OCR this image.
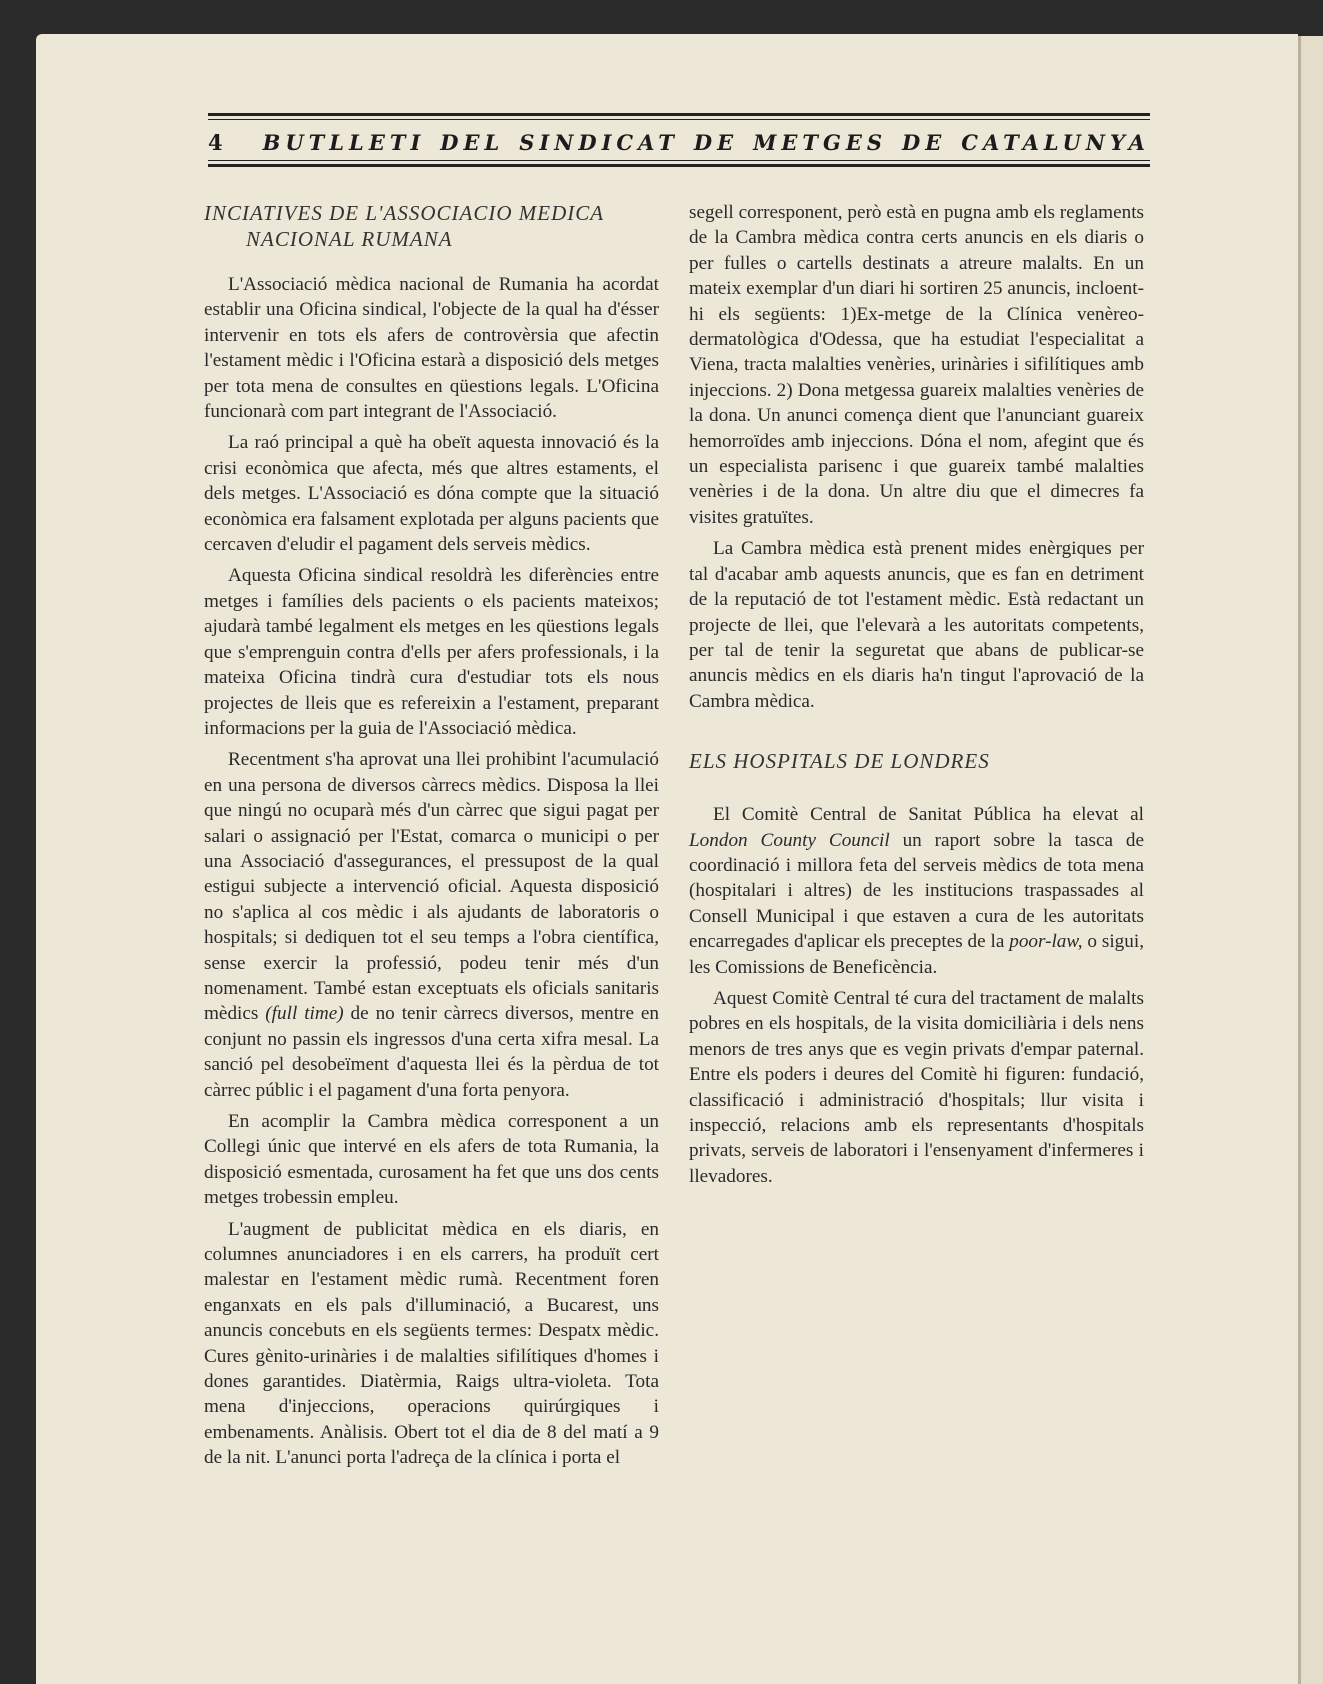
4 BUTLLETI DEL SINDICAT DE METGES DE CATALUNYA
INCIATIVES DE L'ASSOCIACIO MEDICA
NACIONAL RUMANA

L'Associació mèdica nacional de Rumania ha acordat establir una Oficina sindical, l'objecte de la qual ha d'ésser intervenir en tots els afers de controvèrsia que afectin l'estament mèdic i l'Oficina estarà a disposició dels metges per tota mena de consultes en qüestions legals. L'Oficina funcionarà com part integrant de l'Associació.

La raó principal a què ha obeït aquesta innovació és la crisi econòmica que afecta, més que altres estaments, el dels metges. L'Associació es dóna compte que la situació econòmica era falsament explotada per alguns pacients que cercaven d'eludir el pagament dels serveis mèdics.

Aquesta Oficina sindical resoldrà les diferències entre metges i famílies dels pacients o els pacients mateixos; ajudarà també legalment els metges en les qüestions legals que s'emprenguin contra d'ells per afers professionals, i la mateixa Oficina tindrà cura d'estudiar tots els nous projectes de lleis que es refereixin a l'estament, preparant informacions per la guia de l'Associació mèdica.

Recentment s'ha aprovat una llei prohibint l'acumulació en una persona de diversos càrrecs mèdics. Disposa la llei que ningú no ocuparà més d'un càrrec que sigui pagat per salari o assignació per l'Estat, comarca o municipi o per una Associació d'assegurances, el pressupost de la qual estigui subjecte a intervenció oficial. Aquesta disposició no s'aplica al cos mèdic i als ajudants de laboratoris o hospitals; si dediquen tot el seu temps a l'obra científica, sense exercir la professió, podeu tenir més d'un nomenament. També estan exceptuats els oficials sanitaris mèdics (full time) de no tenir càrrecs diversos, mentre en conjunt no passin els ingressos d'una certa xifra mesal. La sanció pel desobeïment d'aquesta llei és la pèrdua de tot càrrec públic i el pagament d'una forta penyora.

En acomplir la Cambra mèdica corresponent a un Collegi únic que intervé en els afers de tota Rumania, la disposició esmentada, curosament ha fet que uns dos cents metges trobessin empleu.

L'augment de publicitat mèdica en els diaris, en columnes anunciadores i en els carrers, ha produït cert malestar en l'estament mèdic rumà. Recentment foren enganxats en els pals d'illuminació, a Bucarest, uns anuncis concebuts en els següents termes: Despatx mèdic. Cures gènito-urinàries i de malalties sifilítiques d'homes i dones garantides. Diatèrmia, Raigs ultra-violeta. Tota mena d'injeccions, operacions quirúrgiques i embenaments. Anàlisis. Obert tot el dia de 8 del matí a 9 de la nit. L'anunci porta l'adreça de la clínica i porta el

segell corresponent, però està en pugna amb els reglaments de la Cambra mèdica contra certs anuncis en els diaris o per fulles o cartells destinats a atreure malalts. En un mateix exemplar d'un diari hi sortiren 25 anuncis, incloent-hi els següents: 1)Ex-metge de la Clínica venèreo-dermatològica d'Odessa, que ha estudiat l'especialitat a Viena, tracta malalties venèries, urinàries i sifilítiques amb injeccions. 2) Dona metgessa guareix malalties venèries de la dona. Un anunci comença dient que l'anunciant guareix hemorroïdes amb injeccions. Dóna el nom, afegint que és un especialista parisenc i que guareix també malalties venèries i de la dona. Un altre diu que el dimecres fa visites gratuïtes.

La Cambra mèdica està prenent mides enèrgiques per tal d'acabar amb aquests anuncis, que es fan en detriment de la reputació de tot l'estament mèdic. Està redactant un projecte de llei, que l'elevarà a les autoritats competents, per tal de tenir la seguretat que abans de publicar-se anuncis mèdics en els diaris ha'n tingut l'aprovació de la Cambra mèdica.

ELS HOSPITALS DE LONDRES

El Comitè Central de Sanitat Pública ha elevat al London County Council un raport sobre la tasca de coordinació i millora feta del serveis mèdics de tota mena (hospitalari i altres) de les institucions traspassades al Consell Municipal i que estaven a cura de les autoritats encarregades d'aplicar els preceptes de la poor-law, o sigui, les Comissions de Beneficència.

Aquest Comitè Central té cura del tractament de malalts pobres en els hospitals, de la visita domiciliària i dels nens menors de tres anys que es vegin privats d'empar paternal. Entre els poders i deures del Comitè hi figuren: fundació, classificació i administració d'hospitals; llur visita i inspecció, relacions amb els representants d'hospitals privats, serveis de laboratori i l'ensenyament d'infermeres i llevadores.
